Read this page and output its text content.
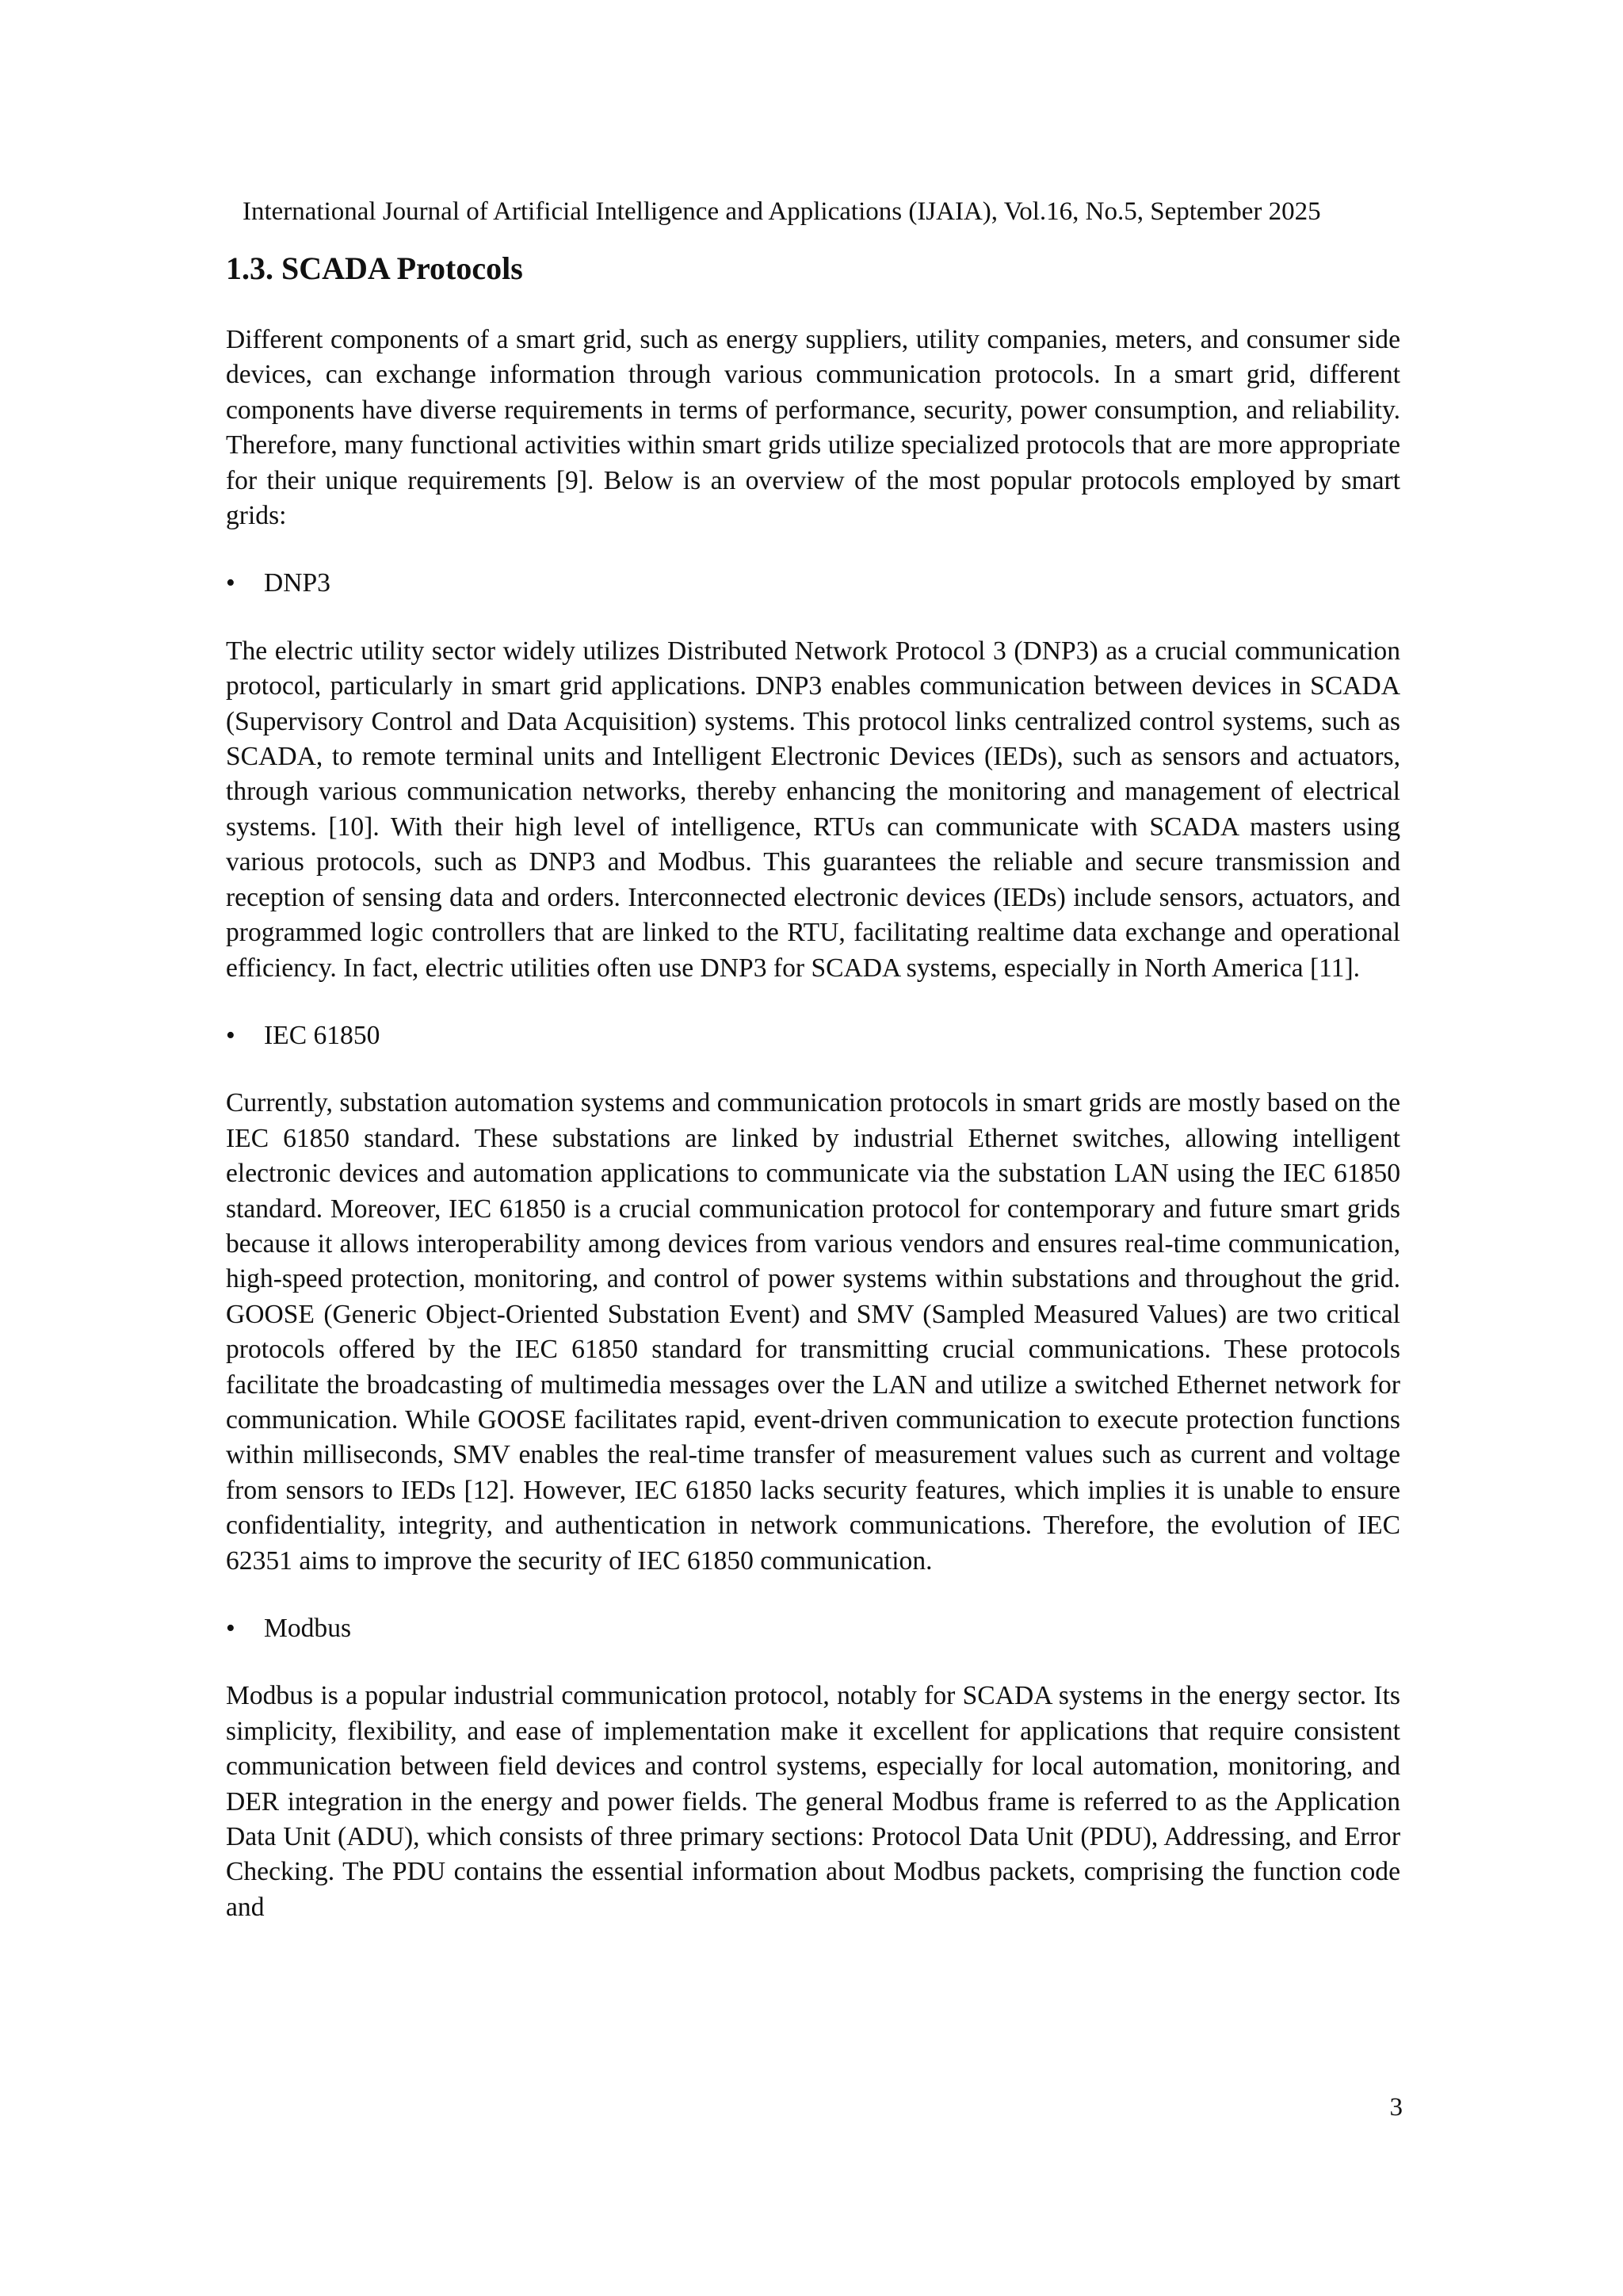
International Journal of Artificial Intelligence and Applications (IJAIA), Vol.16, No.5, September 2025

1.3. SCADA Protocols

Different components of a smart grid, such as energy suppliers, utility companies, meters, and consumer side devices, can exchange information through various communication protocols. In a smart grid, different components have diverse requirements in terms of performance, security, power consumption, and reliability. Therefore, many functional activities within smart grids utilize specialized protocols that are more appropriate for their unique requirements [9]. Below is an overview of the most popular protocols employed by smart grids:

•	DNP3

The electric utility sector widely utilizes Distributed Network Protocol 3 (DNP3) as a crucial communication protocol, particularly in smart grid applications. DNP3 enables communication between devices in SCADA (Supervisory Control and Data Acquisition) systems. This protocol links centralized control systems, such as SCADA, to remote terminal units and Intelligent Electronic Devices (IEDs), such as sensors and actuators, through various communication networks, thereby enhancing the monitoring and management of electrical systems. [10]. With their high level of intelligence, RTUs can communicate with SCADA masters using various protocols, such as DNP3 and Modbus. This guarantees the reliable and secure transmission and reception of sensing data and orders. Interconnected electronic devices (IEDs) include sensors, actuators, and programmed logic controllers that are linked to the RTU, facilitating realtime data exchange and operational efficiency. In fact, electric utilities often use DNP3 for SCADA systems, especially in North America [11].

•	IEC 61850

Currently, substation automation systems and communication protocols in smart grids are mostly based on the IEC 61850 standard. These substations are linked by industrial Ethernet switches, allowing intelligent electronic devices and automation applications to communicate via the substation LAN using the IEC 61850 standard. Moreover, IEC 61850 is a crucial communication protocol for contemporary and future smart grids because it allows interoperability among devices from various vendors and ensures real-time communication, high-speed protection, monitoring, and control of power systems within substations and throughout the grid. GOOSE (Generic Object-Oriented Substation Event) and SMV (Sampled Measured Values) are two critical protocols offered by the IEC 61850 standard for transmitting crucial communications. These protocols facilitate the broadcasting of multimedia messages over the LAN and utilize a switched Ethernet network for communication. While GOOSE facilitates rapid, event-driven communication to execute protection functions within milliseconds, SMV enables the real-time transfer of measurement values such as current and voltage from sensors to IEDs [12]. However, IEC 61850 lacks security features, which implies it is unable to ensure confidentiality, integrity, and authentication in network communications. Therefore, the evolution of IEC 62351 aims to improve the security of IEC 61850 communication.

•	Modbus

Modbus is a popular industrial communication protocol, notably for SCADA systems in the energy sector. Its simplicity, flexibility, and ease of implementation make it excellent for applications that require consistent communication between field devices and control systems, especially for local automation, monitoring, and DER integration in the energy and power fields. The general Modbus frame is referred to as the Application Data Unit (ADU), which consists of three primary sections: Protocol Data Unit (PDU), Addressing, and Error Checking. The PDU contains the essential information about Modbus packets, comprising the function code and

3
